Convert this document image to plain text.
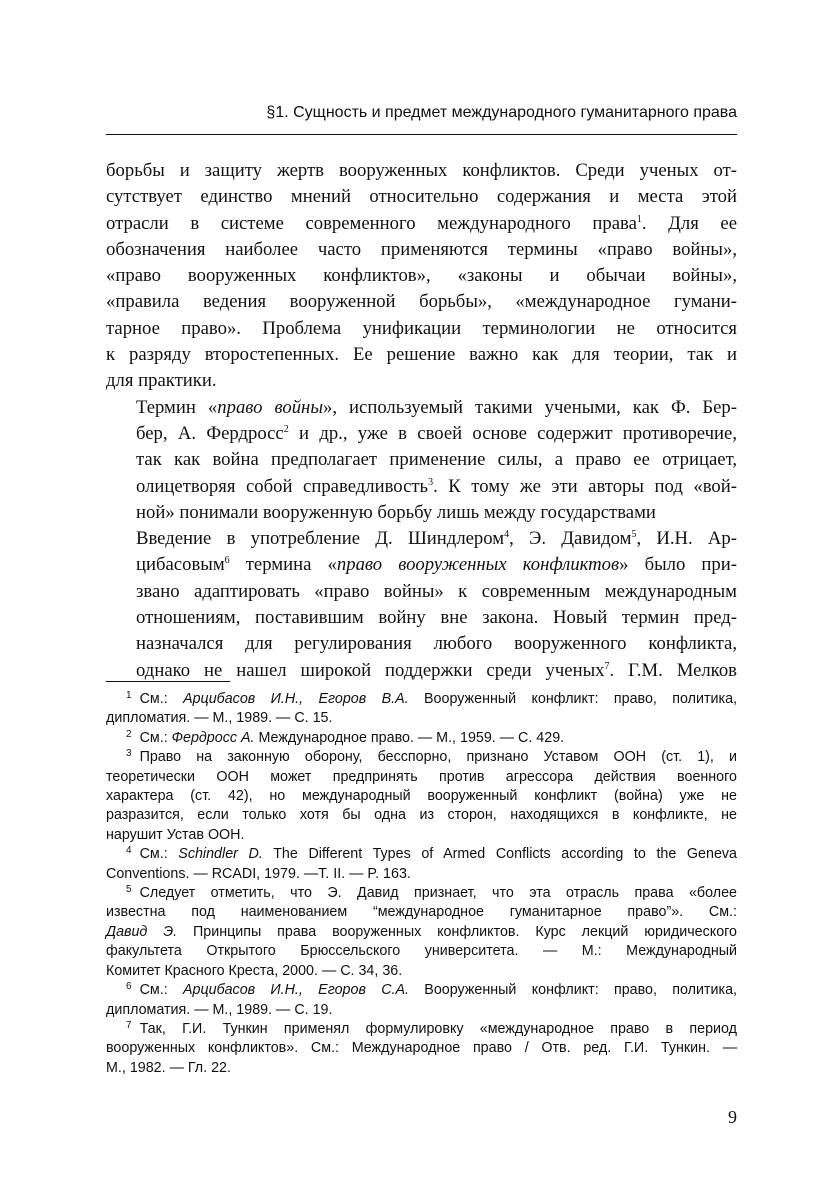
§1. Сущность и предмет международного гуманитарного права

борьбы и защиту жертв вооруженных конфликтов. Среди ученых от-
сутствует единство мнений относительно содержания и места этой
отрасли в системе современного международного права$^1$. Для ее
обозначения наиболее часто применяются термины «право войны»,
«право вооруженных конфликтов», «законы и обычаи войны»,
«правила ведения вооруженной борьбы», «международное гумани-
тарное право». Проблема унификации терминологии не относится
к разряду второстепенных. Ее решение важно как для теории, так и
для практики.

Термин «право войны», используемый такими учеными, как Ф. Бер-
бер, А. Фердросс$^2$ и др., уже в своей основе содержит противоречие,
так как война предполагает применение силы, а право ее отрицает,
олицетворяя собой справедливость$^3$. К тому же эти авторы под «вой-
ной» понимали вооруженную борьбу лишь между государствами

Введение в употребление Д. Шиндлером$^4$, Э. Давидом$^5$, И.Н. Ар-
цибасовым$^6$ термина «право вооруженных конфликтов» было при-
звано адаптировать «право войны» к современным международным
отношениям, поставившим войну вне закона. Новый термин пред-
назначался для регулирования любого вооруженного конфликта,
однако не нашел широкой поддержки среди ученых$^7$. Г.М. Мелков

$^1$ См.: Арцибасов И.Н., Егоров В.А. Вооруженный конфликт: право, политика,
дипломатия. — М., 1989. — С. 15.
$^2$ См.: Фердросс А. Международное право. — М., 1959. — С. 429.
$^3$ Право на законную оборону, бесспорно, признано Уставом ООН (ст. 1), и
теоретически ООН может предпринять против агрессора действия военного
характера (ст. 42), но международный вооруженный конфликт (война) уже не
разразится, если только хотя бы одна из сторон, находящихся в конфликте, не
нарушит Устав ООН.
$^4$ См.: Schindler D. The Different Types of Armed Conflicts according to the Geneva
Conventions. — RCADI, 1979. —T. II. — P. 163.
$^5$ Следует отметить, что Э. Давид признает, что эта отрасль права «более
известна под наименованием “международное гуманитарное право”». См.:
Давид Э. Принципы права вооруженных конфликтов. Курс лекций юридического
факультета Открытого Брюссельского университета. — М.: Международный
Комитет Красного Креста, 2000. — С. 34, 36.
$^6$ См.: Арцибасов И.Н., Егоров С.А. Вооруженный конфликт: право, политика,
дипломатия. — М., 1989. — С. 19.
$^7$ Так, Г.И. Тункин применял формулировку «международное право в период
вооруженных конфликтов». См.: Международное право / Отв. ред. Г.И. Тункин. —
М., 1982. — Гл. 22.
9
